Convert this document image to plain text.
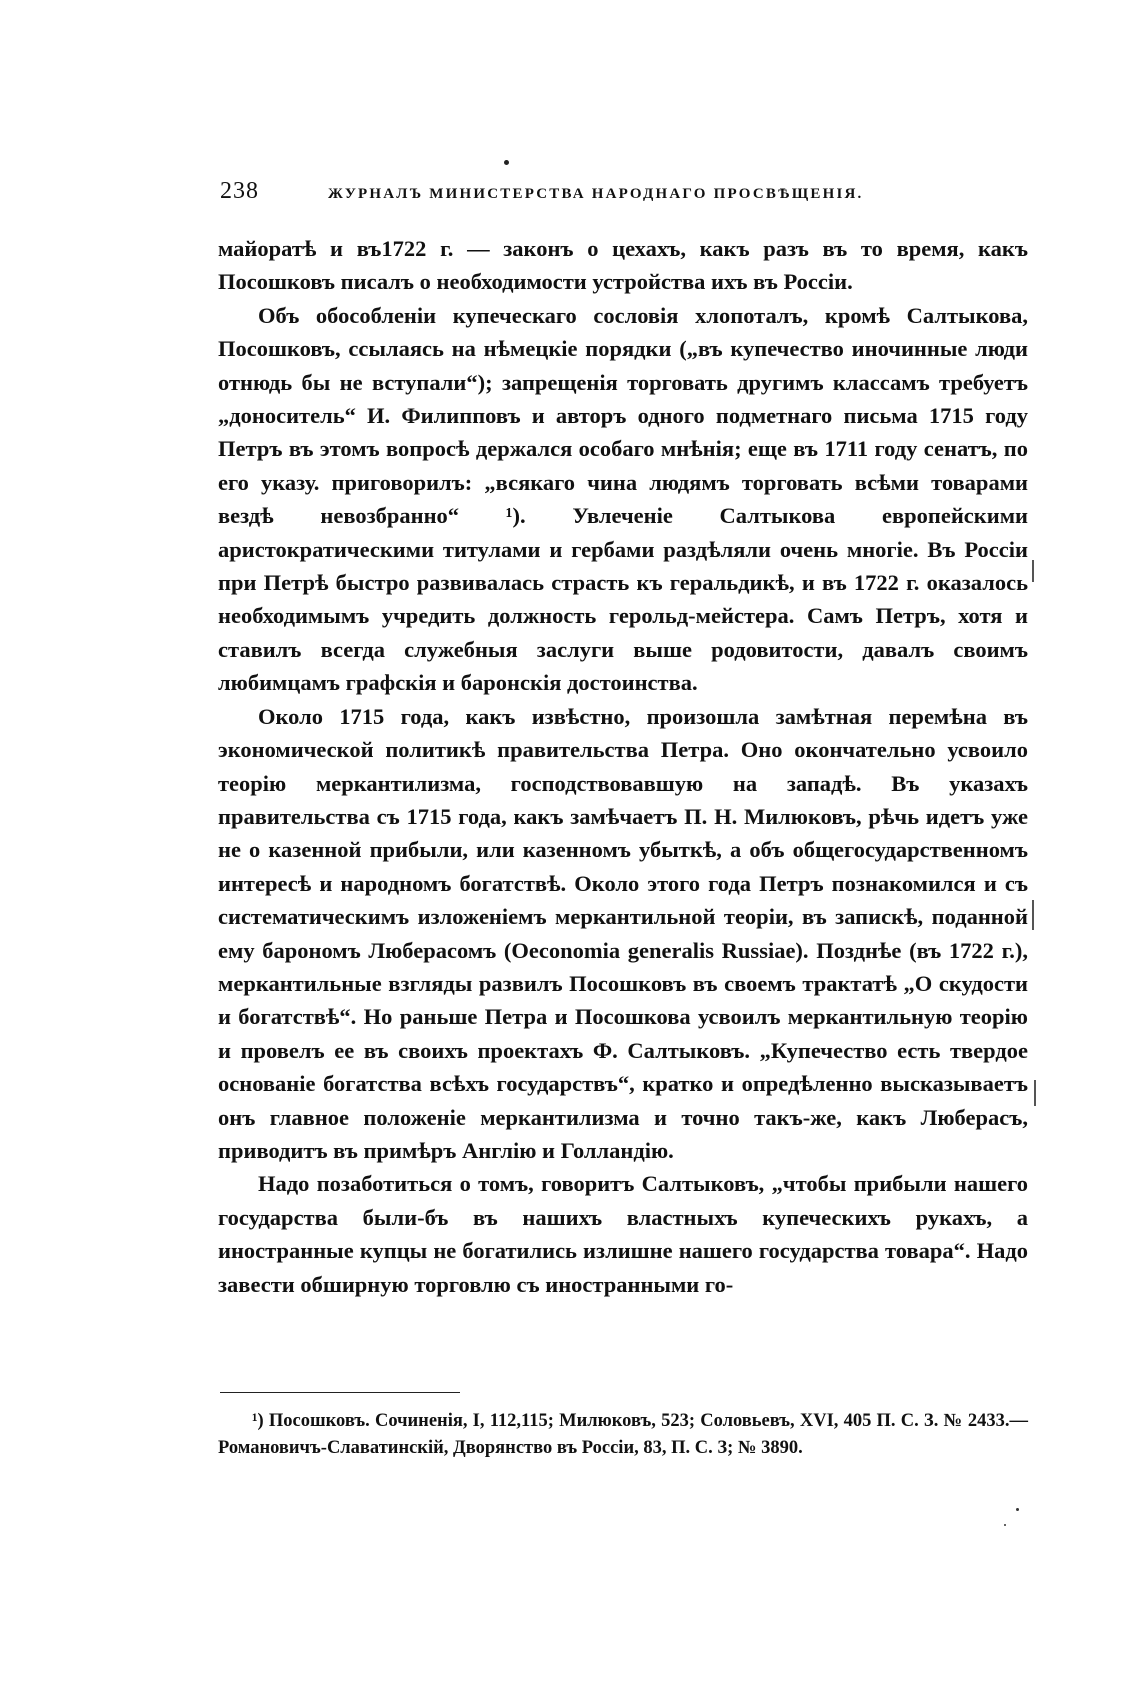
238	ЖУРНАЛЪ МИНИСТЕРСТВА НАРОДНАГО ПРОСВѢЩЕНІЯ.

майоратѣ и въ1722 г. — законъ о цехахъ, какъ разъ въ то время, какъ Посошковъ писалъ о необходимости устройства ихъ въ Россіи.

Объ обособленіи купеческаго сословія хлопоталъ, кромѣ Салтыкова, Посошковъ, ссылаясь на нѣмецкіе порядки („въ купечество иночинные люди отнюдь бы не вступали“); запрещенія торговать другимъ классамъ требуетъ „доноситель“ И. Филипповъ и авторъ одного подметнаго письма 1715 году Петръ въ этомъ вопросѣ держался особаго мнѣнія; еще въ 1711 году сенатъ, по его указу. приговорилъ: „всякаго чина людямъ торговать всѣми товарами вездѣ невозбранно“ ¹). Увлеченіе Салтыкова европейскими аристократическими титулами и гербами раздѣляли очень многіе. Въ Россіи при Петрѣ быстро развивалась страсть къ геральдикѣ, и въ 1722 г. оказалось необходимымъ учредить должность герольд-мейстера. Самъ Петръ, хотя и ставилъ всегда служебныя заслуги выше родовитости, давалъ своимъ любимцамъ графскія и баронскія достоинства.

Около 1715 года, какъ извѣстно, произошла замѣтная перемѣна въ экономической политикѣ правительства Петра. Оно окончательно усвоило теорію меркантилизма, господствовавшую на западѣ. Въ указахъ правительства съ 1715 года, какъ замѣчаетъ П. Н. Милюковъ, рѣчь идетъ уже не о казенной прибыли, или казенномъ убыткѣ, а объ общегосударственномъ интересѣ и народномъ богатствѣ. Около этого года Петръ познакомился и съ систематическимъ изложеніемъ меркантильной теоріи, въ запискѣ, поданной ему барономъ Люберасомъ (Oeconomia generalis Russiae). Позднѣе (въ 1722 г.), меркантильные взгляды развилъ Посошковъ въ своемъ трактатѣ „О скудости и богатствѣ“. Но раньше Петра и Посошкова усвоилъ меркантильную теорію и провелъ ее въ своихъ проектахъ Ф. Салтыковъ. „Купечество есть твердое основаніе богатства всѣхъ государствъ“, кратко и опредѣленно высказываетъ онъ главное положеніе меркантилизма и точно такъ-же, какъ Люберасъ, приводитъ въ примѣръ Англію и Голландію.

Надо позаботиться о томъ, говоритъ Салтыковъ, „чтобы прибыли нашего государства были-бъ въ нашихъ властныхъ купеческихъ рукахъ, а иностранные купцы не богатились излишне нашего государства товара“. Надо завести обширную торговлю съ иностранными го-

¹) Посошковъ. Сочиненія, I, 112,115; Милюковъ, 523; Соловьевъ, XVI, 405 П. С. З. № 2433.—Романовичъ-Славатинскій, Дворянство въ Россіи, 83, П. С. З; № 3890.
